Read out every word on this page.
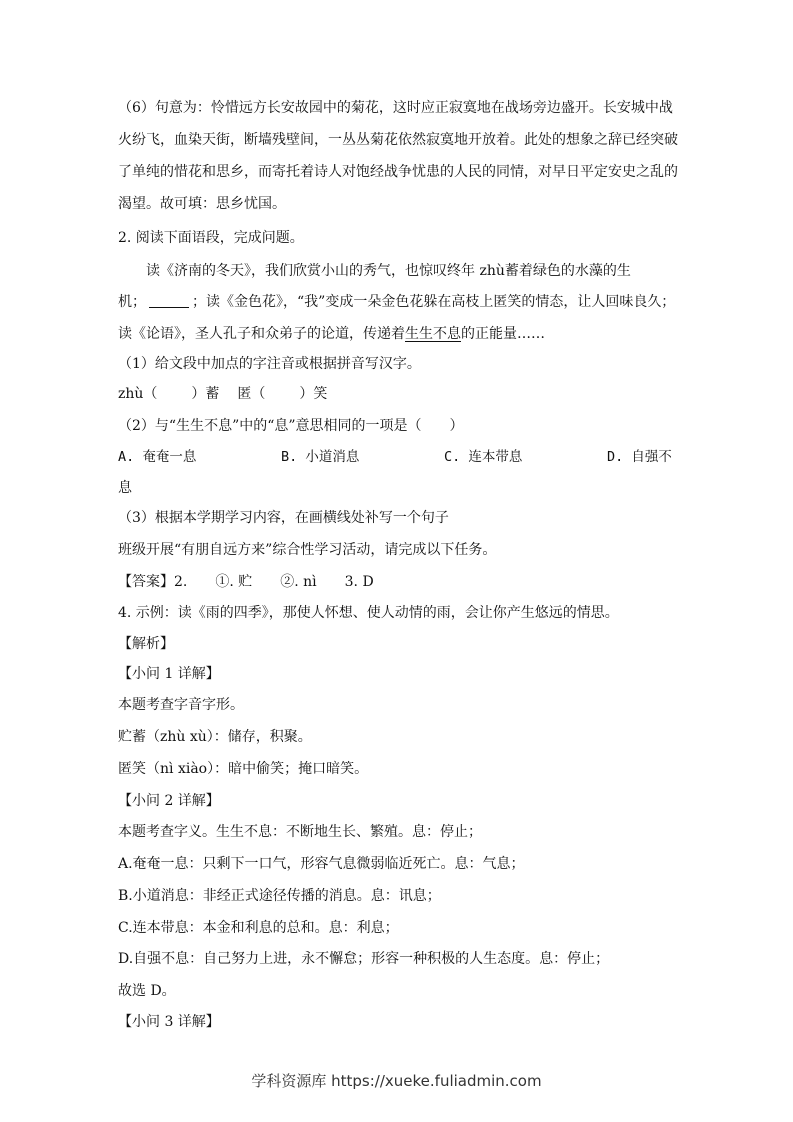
（6）句意为：怜惜远方长安故园中的菊花，这时应正寂寞地在战场旁边盛开。长安城中战
火纷飞，血染天街，断墙残壁间，一丛丛菊花依然寂寞地开放着。此处的想象之辞已经突破
了单纯的惜花和思乡，而寄托着诗人对饱经战争忧患的人民的同情，对早日平定安史之乱的
渴望。故可填：思乡忧国。
2. 阅读下面语段，完成问题。
读《济南的冬天》，我们欣赏小山的秀气，也惊叹终年 zhù蓄着绿色的水藻的生
机；	；读《金色花》，“我”变成一朵金色花躲在高枝上匿笑的情态，让人回味良久；
读《论语》，圣人孔子和众弟子的论道，传递着生生不息的正能量……
（1）给文段中加点的字注音或根据拼音写汉字。
zhù（ ）蓄 匿（ ）笑
（2）与“生生不息”中的“息”意思相同的一项是（　　）
A. 奄奄一息	B. 小道消息	C. 连本带息	D. 自强不
息
（3）根据本学期学习内容，在画横线处补写一个句子
班级开展“有朋自远方来”综合性学习活动，请完成以下任务。
【答案】2.　　①. 贮　　②. nì　　3. D
4. 示例：读《雨的四季》，那使人怀想、使人动情的雨，会让你产生悠远的情思。
【解析】
【小问 1 详解】
本题考查字音字形。
贮蓄（zhù xù）：储存，积聚。
匿笑（nì xiào）：暗中偷笑；掩口暗笑。
【小问 2 详解】
本题考查字义。生生不息：不断地生长、繁殖。息：停止；
A.奄奄一息：只剩下一口气，形容气息微弱临近死亡。息：气息；
B.小道消息：非经正式途径传播的消息。息：讯息；
C.连本带息：本金和利息的总和。息：利息；
D.自强不息：自己努力上进，永不懈怠；形容一种积极的人生态度。息：停止；
故选 D。
【小问 3 详解】
学科资源库 https://xueke.fuliadmin.com
